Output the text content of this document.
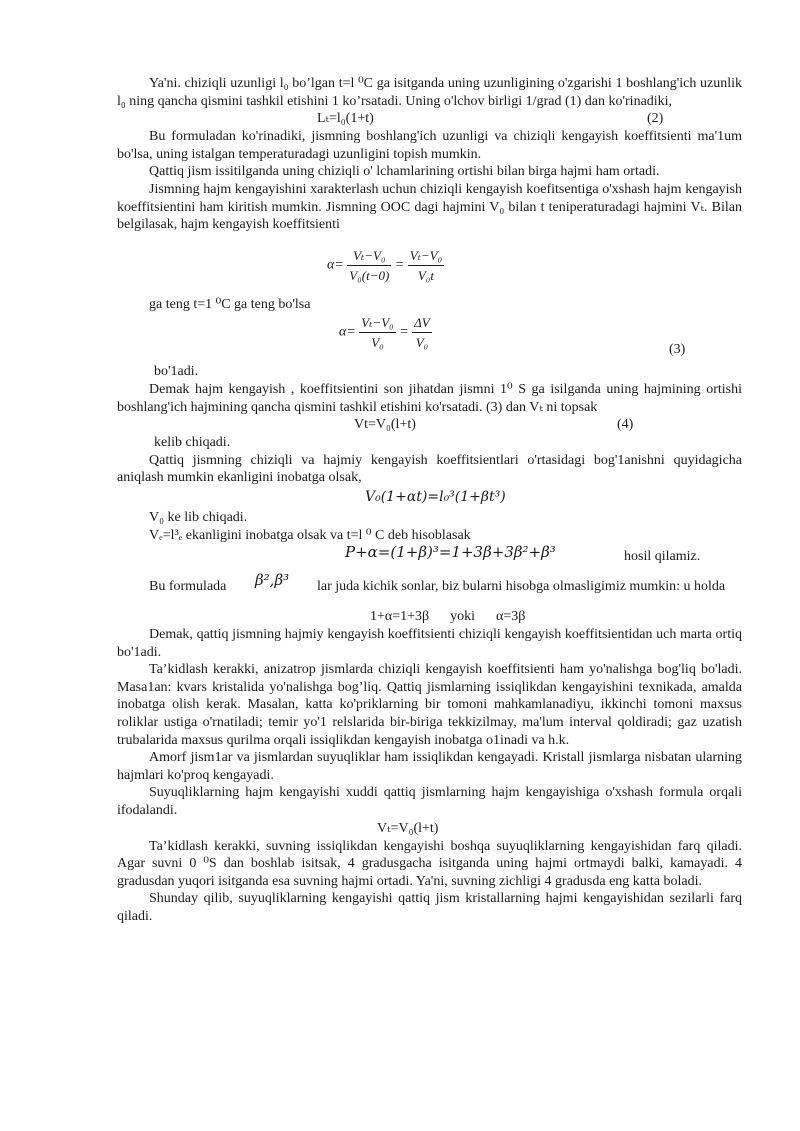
Ya'ni. chiziqli uzunligi l₀ bo’lgan t=l ⁰C ga isitganda uning uzunligining o'zgarishi 1 boshlang'ich uzunlik l₀ ning qancha qismini tashkil etishini 1 ko’rsatadi. Uning o'lchov birligi 1/grad (1) dan ko'rinadiki,

Lₜ=l₀(1+t)	(2)

Bu formuladan ko'rinadiki, jismning boshlang'ich uzunligi va chiziqli kengayish koeffitsienti ma'1um bo'lsa, uning istalgan temperaturadagi uzunligini topish mumkin.

Qattiq jism issitilganda uning chiziqli o' lchamlarining ortishi bilan birga hajmi ham ortadi.

Jismning hajm kengayishini xarakterlash uchun chiziqli kengayish koefitsentiga o'xshash hajm kengayish koeffitsientini ham kiritish mumkin. Jismning OOC dagi hajmini V₀ bilan t teniperaturadagi hajmini Vₜ. Bilan belgilasak, hajm kengayish koeffitsienti

$\alpha= \frac{\text{Vₜ−V₀}}{\text{V₀(t−0)}} = \frac{\text{Vₜ−V₀}}{\text{V₀t}}$

ga teng t=1 ⁰C ga teng bo'lsa

$\alpha= \frac{\text{Vₜ−V₀}}{\text{V₀}} = \frac{\Delta V}{\text{V₀}}$	(3)

bo'1adi.

Demak hajm kengayish , koeffitsientini son jihatdan jismni 1⁰ S ga isilganda uning hajmining ortishi boshlang'ich hajmining qancha qismini tashkil etishini ko'rsatadi. (3) dan Vₜ ni topsak

Vt=V₀(l+t)	(4)

kelib chiqadi.

Qattiq jismning chiziqli va hajmiy kengayish koeffitsientlari o'rtasidagi bog'1anishni quyidagicha aniqlash mumkin ekanligini inobatga olsak,

V₀(1+αt)=l₀³(1+βt³)

V₀ ke lib chiqadi.

Vₑ=l³ₑ ekanligini inobatga olsak va t=l ⁰ C deb hisoblasak

P+α=(1+β)³=1+3β+3β²+β³	hosil qilamiz.
Bu formulada β²,β³ lar juda kichik sonlar, biz bularni hisobga olmasligimiz mumkin: u holda
1+α=1+3β      yoki      α=3β

Demak, qattiq jismning hajmiy kengayish koeffitsienti chiziqli kengayish koeffitsientidan uch marta ortiq bo'1adi.

Ta’kidlash kerakki, anizatrop jismlarda chiziqli kengayish koeffitsienti ham yo'nalishga bog'liq bo'ladi. Masa1an: kvars kristalida yo'nalishga bog’liq. Qattiq jismlarning issiqlikdan kengayishini texnikada, amalda inobatga olish kerak. Masalan, katta ko'priklarning bir tomoni mahkamlanadiyu, ikkinchi tomoni maxsus roliklar ustiga o'rnatiladi; temir yo'1 relslarida bir-biriga tekkizilmay, ma'lum interval qoldiradi; gaz uzatish trubalarida maxsus qurilma orqali issiqlikdan kengayish inobatga o1inadi va h.k.

Amorf jism1ar va jismlardan suyuqliklar ham issiqlikdan kengayadi. Kristall jismlarga nisbatan ularning hajmlari ko'proq kengayadi.

Suyuqliklarning hajm kengayishi xuddi qattiq jismlarning hajm kengayishiga o'xshash formula orqali ifodalandi.

Vₜ=V₀(l+t)

Ta’kidlash kerakki, suvning issiqlikdan kengayishi boshqa suyuqliklarning kengayishidan farq qiladi. Agar suvni 0 ⁰S dan boshlab isitsak, 4 gradusgacha isitganda uning hajmi ortmaydi balki, kamayadi. 4 gradusdan yuqori isitganda esa suvning hajmi ortadi. Ya'ni, suvning zichligi 4 gradusda eng katta boladi.

Shunday qilib, suyuqliklarning kengayishi qattiq jism kristallarning hajmi kengayishidan sezilarli farq qiladi.
